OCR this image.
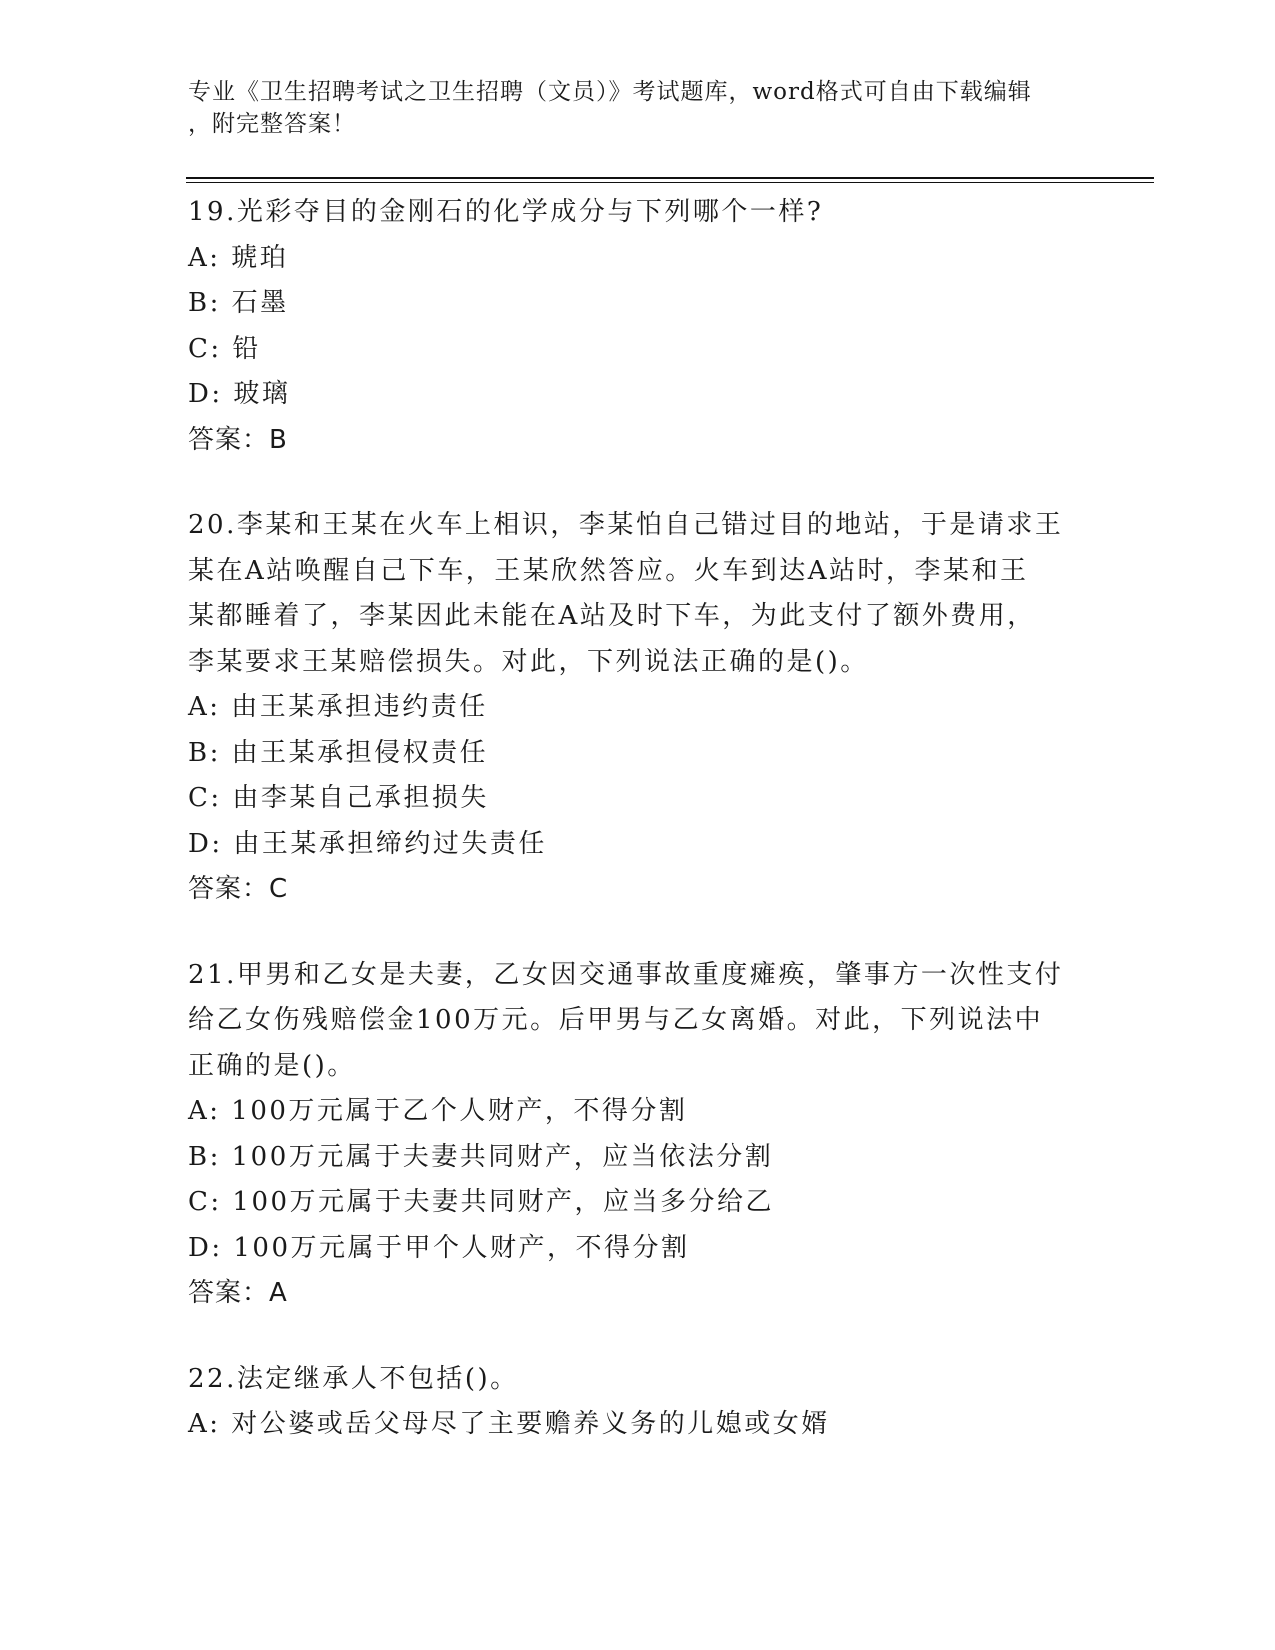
专业《卫生招聘考试之卫生招聘（文员）》考试题库，word格式可自由下载编辑
，附完整答案！
19.光彩夺目的金刚石的化学成分与下列哪个一样?
A: 琥珀
B: 石墨
C: 铅
D: 玻璃
答案：B
20.李某和王某在火车上相识，李某怕自己错过目的地站，于是请求王
某在A站唤醒自己下车，王某欣然答应。火车到达A站时，李某和王
某都睡着了，李某因此未能在A站及时下车，为此支付了额外费用，
李某要求王某赔偿损失。对此，下列说法正确的是()。
A: 由王某承担违约责任
B: 由王某承担侵权责任
C: 由李某自己承担损失
D: 由王某承担缔约过失责任
答案：C
21.甲男和乙女是夫妻，乙女因交通事故重度瘫痪，肇事方一次性支付
给乙女伤残赔偿金100万元。后甲男与乙女离婚。对此，下列说法中
正确的是()。
A: 100万元属于乙个人财产，不得分割
B: 100万元属于夫妻共同财产，应当依法分割
C: 100万元属于夫妻共同财产，应当多分给乙
D: 100万元属于甲个人财产，不得分割
答案：A
22.法定继承人不包括()。
A: 对公婆或岳父母尽了主要赡养义务的儿媳或女婿
